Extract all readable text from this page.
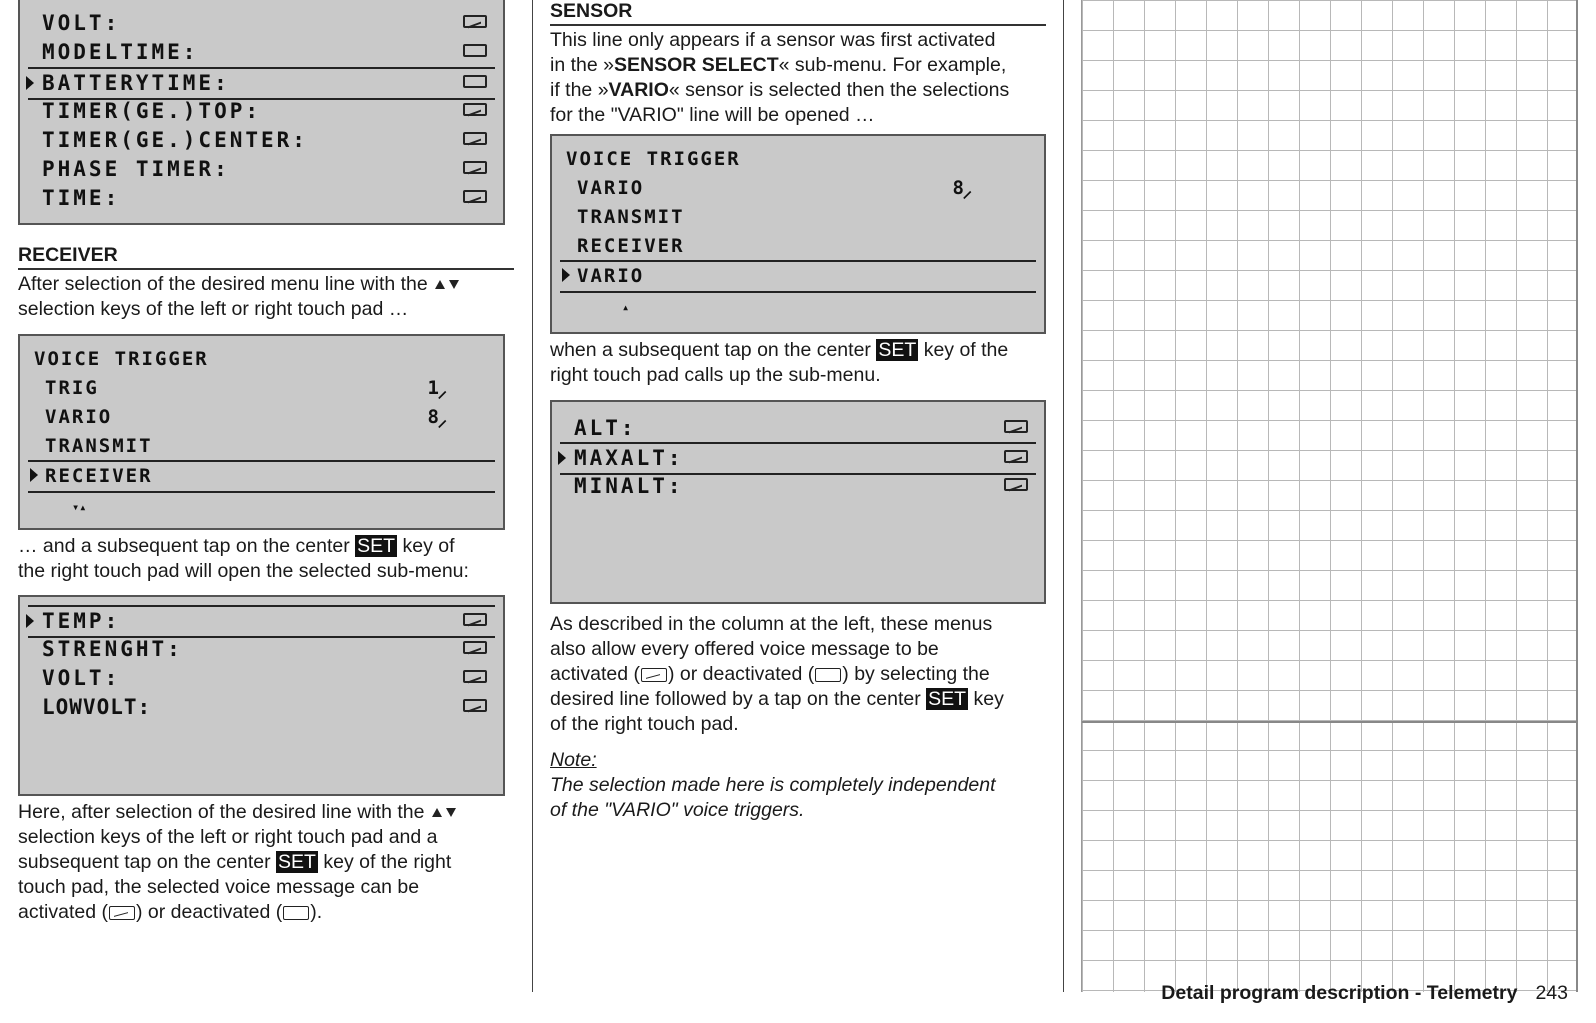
VOLT:
MODELTIME:
BATTERYTIME:
TIMER(GE.)TOP:
TIMER(GE.)CENTER:
PHASE TIMER:
TIME:
RECEIVER

After selection of the desired menu line with the
selection keys of the left or right touch pad …

VOICE TRIGGER
TRIG	1
⸝
VARIO	8
⸝
TRANSMIT
RECEIVER
▾▴

… and a subsequent tap on the center SET key of
the right touch pad will open the selected sub-menu:

TEMP:
STRENGHT:
VOLT:
LOWVOLT:

Here, after selection of the desired line with the
selection keys of the left or right touch pad and a
subsequent tap on the center SET key of the right
touch pad, the selected voice message can be
activated ( ) or deactivated ( ).

SENSOR

This line only appears if a sensor was first activated
in the »SENSOR SELECT« sub-menu. For example,
if the »VARIO« sensor is selected then the selections
for the "VARIO" line will be opened …

VOICE TRIGGER
VARIO	8
⸝
TRANSMIT
RECEIVER
VARIO
▴

when a subsequent tap on the center SET key of the
right touch pad calls up the sub-menu.

ALT:
MAXALT:
MINALT:

As described in the column at the left, these menus
also allow every offered voice message to be
activated ( ) or deactivated ( ) by selecting the
desired line followed by a tap on the center SET key
of the right touch pad.

Note:
The selection made here is completely independent
of the "VARIO" voice triggers.

Detail program description - Telemetry 243
